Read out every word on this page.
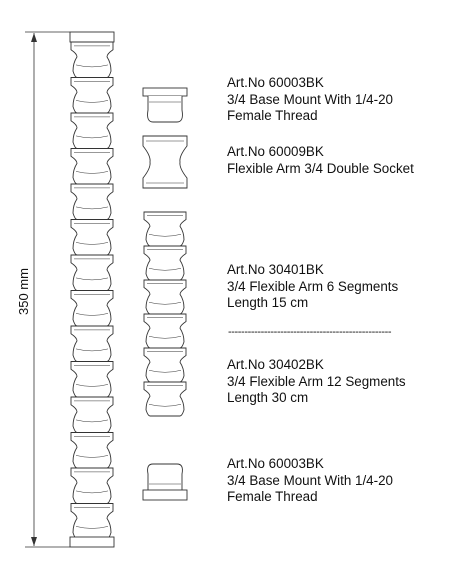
350 mm
Art.No 60003BK
3/4 Base Mount With 1/4-20
Female Thread
Art.No 60009BK
Flexible Arm 3/4 Double Socket
Art.No 30401BK
3/4 Flexible Arm 6 Segments
Length 15 cm
--------------------------------------------------
Art.No 30402BK
3/4 Flexible Arm 12 Segments
Length 30 cm
Art.No 60003BK
3/4 Base Mount With 1/4-20
Female Thread
